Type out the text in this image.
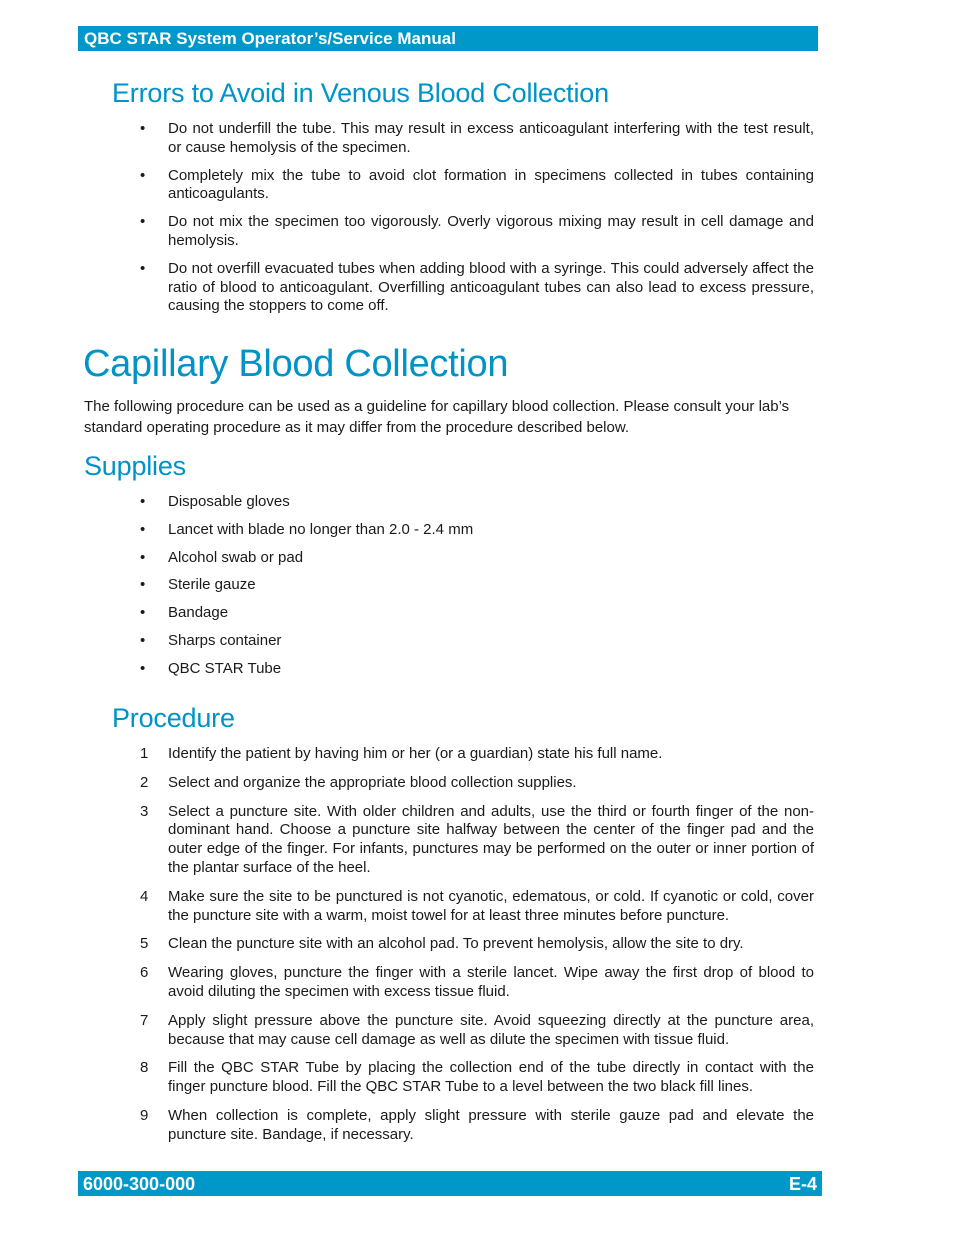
QBC STAR System Operator’s/Service Manual
Errors to Avoid in Venous Blood Collection
• Do not underfill the tube. This may result in excess anticoagulant interfering with the test result, or cause hemolysis of the specimen.
• Completely mix the tube to avoid clot formation in specimens collected in tubes containing anticoagulants.
• Do not mix the specimen too vigorously. Overly vigorous mixing may result in cell damage and hemolysis.
• Do not overfill evacuated tubes when adding blood with a syringe. This could adversely affect the ratio of blood to anticoagulant. Overfilling anticoagulant tubes can also lead to excess pressure, causing the stoppers to come off.
Capillary Blood Collection

The following procedure can be used as a guideline for capillary blood collection. Please consult your lab’s standard operating procedure as it may differ from the procedure described below.

Supplies
• Disposable gloves
• Lancet with blade no longer than 2.0 - 2.4 mm
• Alcohol swab or pad
• Sterile gauze
• Bandage
• Sharps container
• QBC STAR Tube
Procedure
1 Identify the patient by having him or her (or a guardian) state his full name.
2 Select and organize the appropriate blood collection supplies.
3 Select a puncture site. With older children and adults, use the third or fourth finger of the non-dominant hand. Choose a puncture site halfway between the center of the finger pad and the outer edge of the finger. For infants, punctures may be performed on the outer or inner portion of the plantar surface of the heel.
4 Make sure the site to be punctured is not cyanotic, edematous, or cold. If cyanotic or cold, cover the puncture site with a warm, moist towel for at least three minutes before puncture.
5 Clean the puncture site with an alcohol pad. To prevent hemolysis, allow the site to dry.
6 Wearing gloves, puncture the finger with a sterile lancet. Wipe away the first drop of blood to avoid diluting the specimen with excess tissue fluid.
7 Apply slight pressure above the puncture site. Avoid squeezing directly at the puncture area, because that may cause cell damage as well as dilute the specimen with tissue fluid.
8 Fill the QBC STAR Tube by placing the collection end of the tube directly in contact with the finger puncture blood. Fill the QBC STAR Tube to a level between the two black fill lines.
9 When collection is complete, apply slight pressure with sterile gauze pad and elevate the puncture site. Bandage, if necessary.
6000-300-000	E-4
